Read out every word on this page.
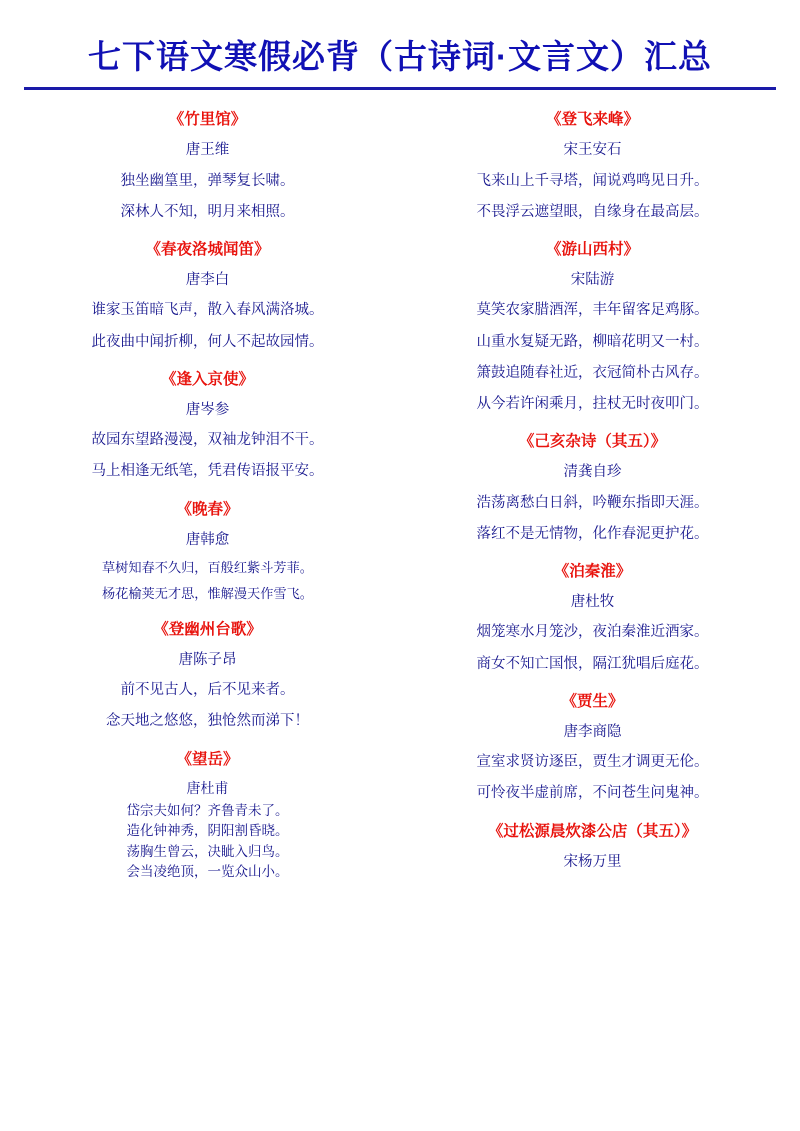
七下语文寒假必背（古诗词·文言文）汇总
《竹里馆》
唐王维
独坐幽篁里，弹琴复长啸。
深林人不知，明月来相照。
《春夜洛城闻笛》
唐李白
谁家玉笛暗飞声，散入春风满洛城。
此夜曲中闻折柳，何人不起故园情。
《逢入京使》
唐岑参
故园东望路漫漫，双袖龙钟泪不干。
马上相逢无纸笔，凭君传语报平安。
《晚春》
唐韩愈
草树知春不久归，百般红紫斗芳菲。
杨花榆荚无才思，惟解漫天作雪飞。
《登幽州台歌》
唐陈子昂
前不见古人，后不见来者。
念天地之悠悠，独怆然而涕下！
《望岳》
唐杜甫
岱宗夫如何？齐鲁青未了。
造化钟神秀，阴阳割昏晓。
荡胸生曾云，决眦入归鸟。
会当凌绝顶，一览众山小。
《登飞来峰》
宋王安石
飞来山上千寻塔，闻说鸡鸣见日升。
不畏浮云遮望眼，自缘身在最高层。
《游山西村》
宋陆游
莫笑农家腊酒浑，丰年留客足鸡豚。
山重水复疑无路，柳暗花明又一村。
箫鼓追随春社近，衣冠简朴古风存。
从今若许闲乘月，拄杖无时夜叩门。
《己亥杂诗（其五）》
清龚自珍
浩荡离愁白日斜，吟鞭东指即天涯。
落红不是无情物，化作春泥更护花。
《泊秦淮》
唐杜牧
烟笼寒水月笼沙，夜泊秦淮近酒家。
商女不知亡国恨，隔江犹唱后庭花。
《贾生》
唐李商隐
宣室求贤访逐臣，贾生才调更无伦。
可怜夜半虚前席，不问苍生问鬼神。
《过松源晨炊漆公店（其五）》
宋杨万里
